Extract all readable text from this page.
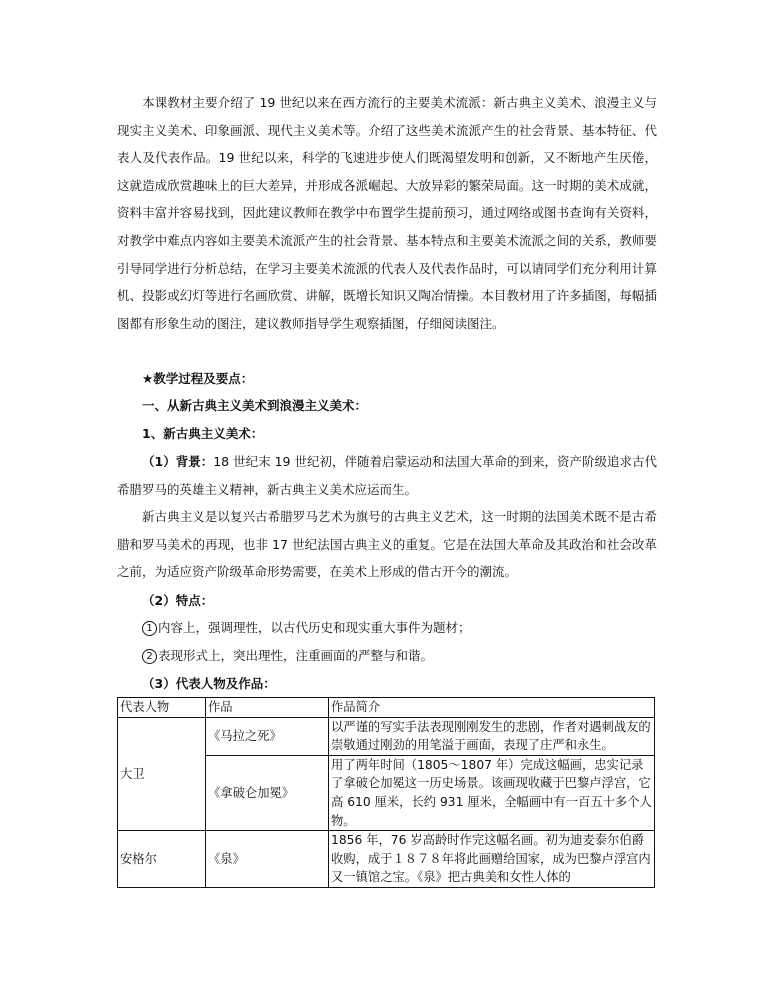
本课教材主要介绍了 19 世纪以来在西方流行的主要美术流派：新古典主义美术、浪漫主义与现实主义美术、印象画派、现代主义美术等。介绍了这些美术流派产生的社会背景、基本特征、代表人及代表作品。19 世纪以来，科学的飞速进步使人们既渴望发明和创新，又不断地产生厌倦，这就造成欣赏趣味上的巨大差异，并形成各派崛起、大放异彩的繁荣局面。这一时期的美术成就，资料丰富并容易找到，因此建议教师在教学中布置学生提前预习，通过网络或图书查询有关资料，对教学中难点内容如主要美术流派产生的社会背景、基本特点和主要美术流派之间的关系，教师要引导同学进行分析总结，在学习主要美术流派的代表人及代表作品时，可以请同学们充分利用计算机、投影或幻灯等进行名画欣赏、讲解，既增长知识又陶冶情操。本目教材用了许多插图，每幅插图都有形象生动的图注，建议教师指导学生观察插图，仔细阅读图注。

★教学过程及要点：
一、从新古典主义美术到浪漫主义美术：
1、新古典主义美术：

（1）背景：18 世纪末 19 世纪初，伴随着启蒙运动和法国大革命的到来，资产阶级追求古代希腊罗马的英雄主义精神，新古典主义美术应运而生。

新古典主义是以复兴古希腊罗马艺术为旗号的古典主义艺术，这一时期的法国美术既不是古希腊和罗马美术的再现，也非 17 世纪法国古典主义的重复。它是在法国大革命及其政治和社会改革之前，为适应资产阶级革命形势需要，在美术上形成的借古开今的潮流。

（2）特点：
1 内容上，强调理性，以古代历史和现实重大事件为题材；
2 表现形式上，突出理性，注重画面的严整与和谐。
（3）代表人物及作品：
代表人物	作品	作品简介
大卫	《马拉之死》	以严谨的写实手法表现刚刚发生的悲剧，作者对遇刺战友的崇敬通过刚劲的用笔溢于画面，表现了庄严和永生。
	《拿破仑加冕》	用了两年时间（1805～1807 年）完成这幅画，忠实记录了拿破仑加冕这一历史场景。该画现收藏于巴黎卢浮宫，它高 610 厘米，长约 931 厘米，全幅画中有一百五十多个人物。
安格尔	《泉》	1856 年，76 岁高龄时作完这幅名画。初为迪麦泰尔伯爵收购，成于１８７８年将此画赠给国家，成为巴黎卢浮宫内又一镇馆之宝。《泉》把古典美和女性人体的
